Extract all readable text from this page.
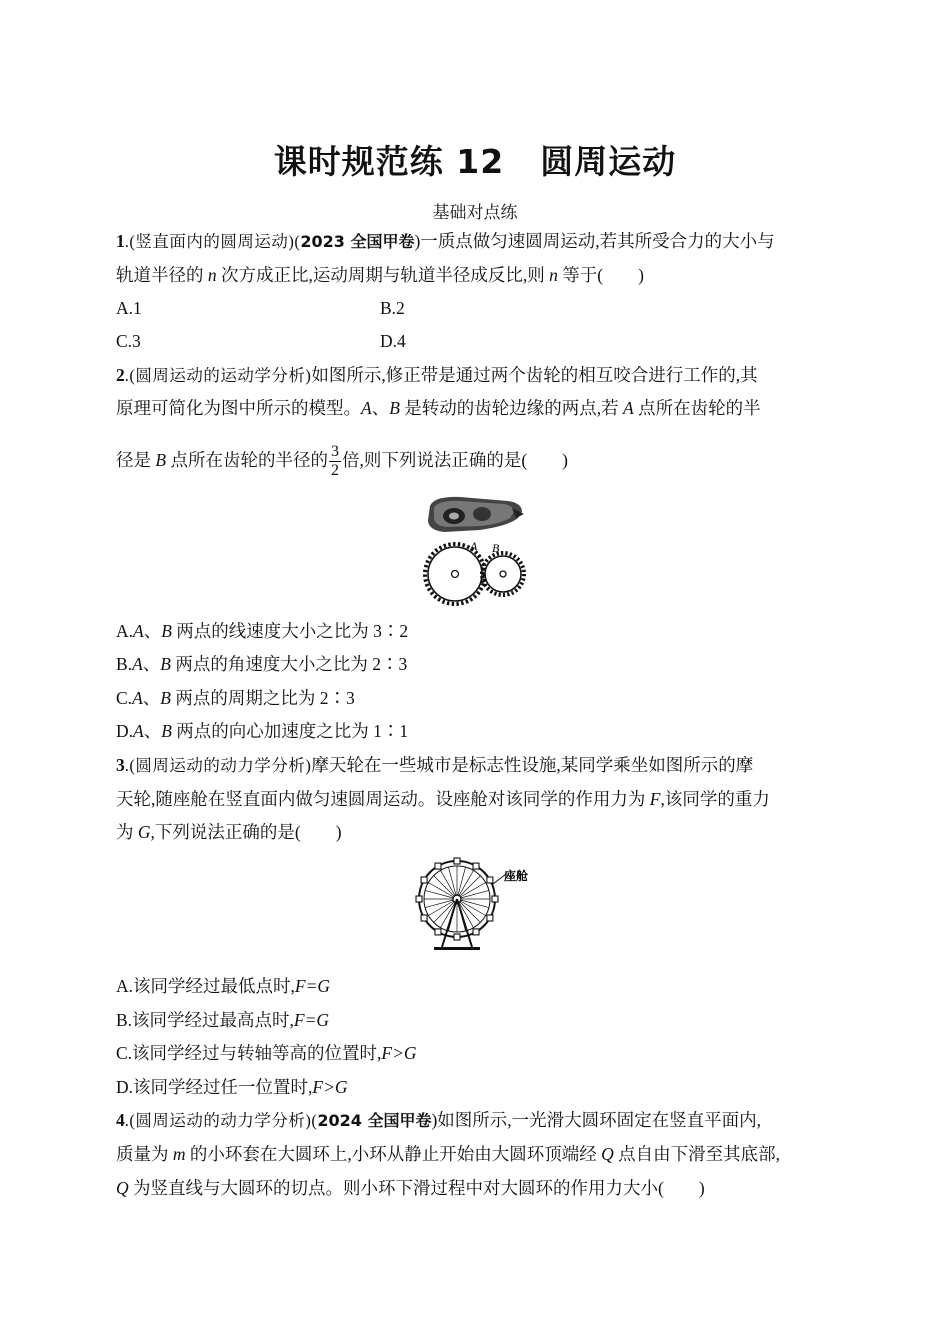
课时规范练 12 圆周运动
基础对点练
1.(竖直面内的圆周运动)(2023 全国甲卷)一质点做匀速圆周运动,若其所受合力的大小与
轨道半径的 n 次方成正比,运动周期与轨道半径成反比,则 n 等于(　　)
A.1	B.2
C.3	D.4
2.(圆周运动的运动学分析)如图所示,修正带是通过两个齿轮的相互咬合进行工作的,其
原理可简化为图中所示的模型。A、B 是转动的齿轮边缘的两点,若 A 点所在齿轮的半
径是 B 点所在齿轮的半径的 $\frac{3}{2}$ 倍,则下列说法正确的是(　　)
A B
A.A、B 两点的线速度大小之比为 3∶2
B.A、B 两点的角速度大小之比为 2∶3
C.A、B 两点的周期之比为 2∶3
D.A、B 两点的向心加速度之比为 1∶1
3.(圆周运动的动力学分析)摩天轮在一些城市是标志性设施,某同学乘坐如图所示的摩
天轮,随座舱在竖直面内做匀速圆周运动。设座舱对该同学的作用力为 F,该同学的重力
为 G,下列说法正确的是(　　)
座舱
A.该同学经过最低点时,F=G
B.该同学经过最高点时,F=G
C.该同学经过与转轴等高的位置时,F>G
D.该同学经过任一位置时,F>G
4.(圆周运动的动力学分析)(2024 全国甲卷)如图所示,一光滑大圆环固定在竖直平面内,
质量为 m 的小环套在大圆环上,小环从静止开始由大圆环顶端经 Q 点自由下滑至其底部,
Q 为竖直线与大圆环的切点。则小环下滑过程中对大圆环的作用力大小(　　)
